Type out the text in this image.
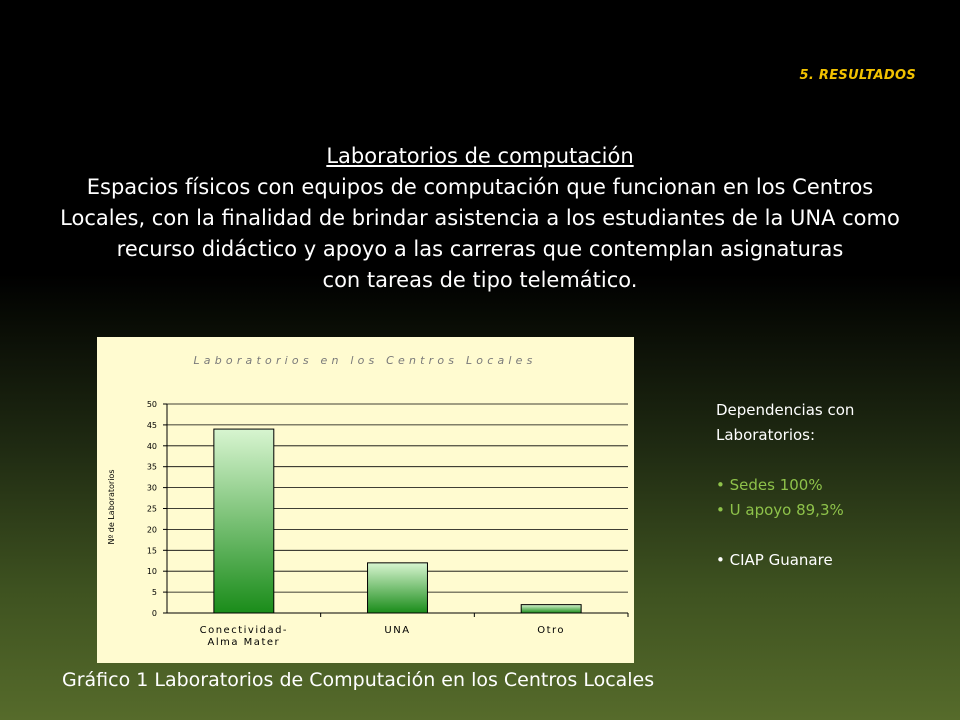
5. RESULTADOS
Laboratorios de computación
Espacios físicos con equipos de computación que funcionan en los Centros
Locales, con la finalidad de brindar asistencia a los estudiantes de la UNA como
recurso didáctico y apoyo a las carreras que contemplan asignaturas
con tareas de tipo telemático.
Laboratorios en los Centros Locales
Nº de Laboratorios
0
5
10
15
20
25
30
35
40
45
50
Conectividad-
Alma Mater
UNA	Otro
Dependencias con
Laboratorios:
• Sedes 100%
• U apoyo 89,3%
• CIAP Guanare
Gráfico 1 Laboratorios de Computación en los Centros Locales
